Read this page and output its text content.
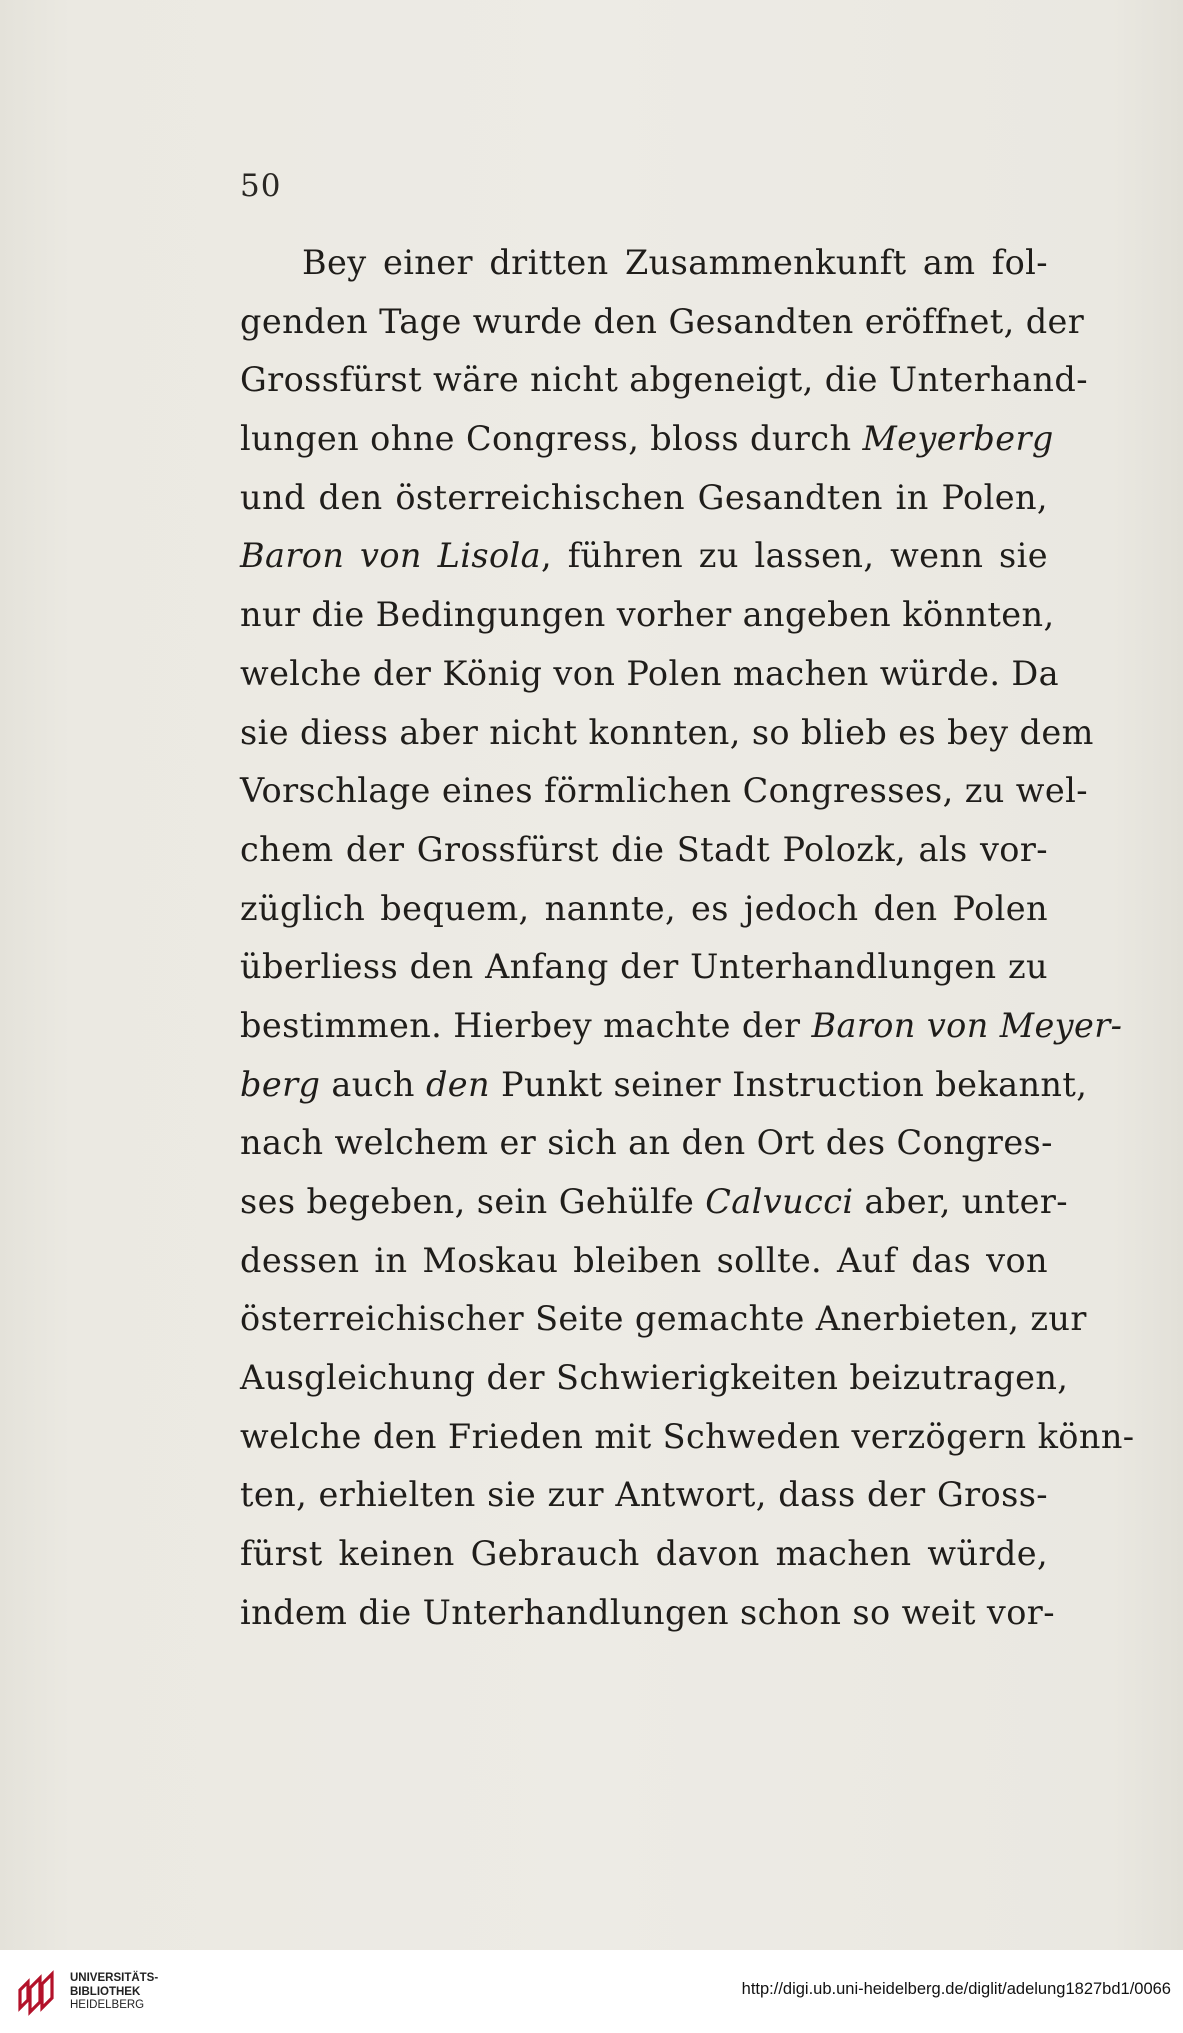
50
Bey einer dritten Zusammenkunft am fol-
genden Tage wurde den Gesandten eröffnet, der
Grossfürst wäre nicht abgeneigt, die Unterhand-
lungen ohne Congress, bloss durch Meyerberg
und den österreichischen Gesandten in Polen,
Baron von Lisola, führen zu lassen, wenn sie
nur die Bedingungen vorher angeben könnten,
welche der König von Polen machen würde. Da
sie diess aber nicht konnten, so blieb es bey dem
Vorschlage eines förmlichen Congresses, zu wel-
chem der Grossfürst die Stadt Polozk, als vor-
züglich bequem, nannte, es jedoch den Polen
überliess den Anfang der Unterhandlungen zu
bestimmen. Hierbey machte der Baron von Meyer-
berg auch den Punkt seiner Instruction bekannt,
nach welchem er sich an den Ort des Congres-
ses begeben, sein Gehülfe Calvucci aber, unter-
dessen in Moskau bleiben sollte. Auf das von
österreichischer Seite gemachte Anerbieten, zur
Ausgleichung der Schwierigkeiten beizutragen,
welche den Frieden mit Schweden verzögern könn-
ten, erhielten sie zur Antwort, dass der Gross-
fürst keinen Gebrauch davon machen würde,
indem die Unterhandlungen schon so weit vor-
UNIVERSITÄTS-
BIBLIOTHEK
HEIDELBERG
http://digi.ub.uni-heidelberg.de/diglit/adelung1827bd1/0066
